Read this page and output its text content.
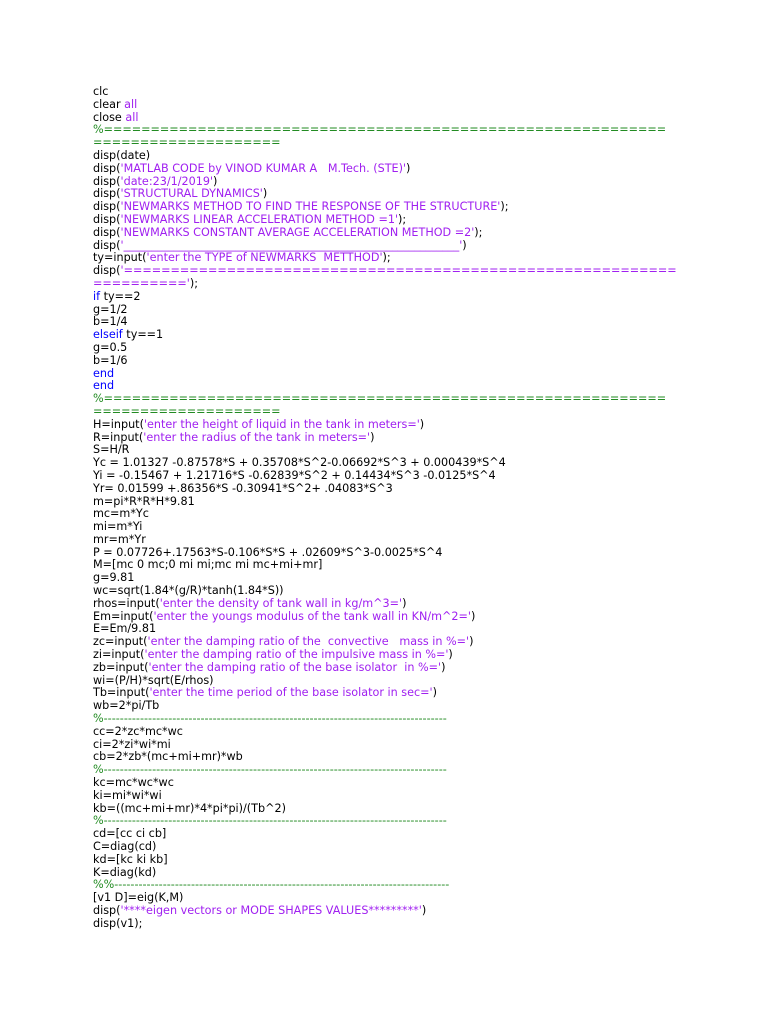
clc
clear all
close all
%============================================================
====================
disp(date)
disp('MATLAB CODE by VINOD KUMAR A   M.Tech. (STE)')
disp('date:23/1/2019')
disp('STRUCTURAL DYNAMICS')
disp('NEWMARKS METHOD TO FIND THE RESPONSE OF THE STRUCTURE');
disp('NEWMARKS LINEAR ACCELERATION METHOD =1');
disp('NEWMARKS CONSTANT AVERAGE ACCELERATION METHOD =2');
disp('____________________________________________________________')
ty=input('enter the TYPE of NEWMARKS  METTHOD');
disp('===========================================================
==========');
if ty==2
g=1/2
b=1/4
elseif ty==1
g=0.5
b=1/6
end
end
%============================================================
====================
H=input('enter the height of liquid in the tank in meters=')
R=input('enter the radius of the tank in meters=')
S=H/R
Yc = 1.01327 -0.87578*S + 0.35708*S^2-0.06692*S^3 + 0.000439*S^4
Yi = -0.15467 + 1.21716*S -0.62839*S^2 + 0.14434*S^3 -0.0125*S^4
Yr= 0.01599 +.86356*S -0.30941*S^2+ .04083*S^3
m=pi*R*R*H*9.81
mc=m*Yc
mi=m*Yi
mr=m*Yr
P = 0.07726+.17563*S-0.106*S*S + .02609*S^3-0.0025*S^4
M=[mc 0 mc;0 mi mi;mc mi mc+mi+mr]
g=9.81
wc=sqrt(1.84*(g/R)*tanh(1.84*S))
rhos=input('enter the density of tank wall in kg/m^3=')
Em=input('enter the youngs modulus of the tank wall in KN/m^2=')
E=Em/9.81
zc=input('enter the damping ratio of the  convective   mass in %=')
zi=input('enter the damping ratio of the impulsive mass in %=')
zb=input('enter the damping ratio of the base isolator  in %=')
wi=(P/H)*sqrt(E/rhos)
Tb=input('enter the time period of the base isolator in sec=')
wb=2*pi/Tb
%-------------------------------------------------------------------------------------
cc=2*zc*mc*wc
ci=2*zi*wi*mi
cb=2*zb*(mc+mi+mr)*wb
%-------------------------------------------------------------------------------------
kc=mc*wc*wc
ki=mi*wi*wi
kb=((mc+mi+mr)*4*pi*pi)/(Tb^2)
%-------------------------------------------------------------------------------------
cd=[cc ci cb]
C=diag(cd)
kd=[kc ki kb]
K=diag(kd)
%%-----------------------------------------------------------------------------------
[v1 D]=eig(K,M)
disp('****eigen vectors or MODE SHAPES VALUES*********')
disp(v1);
